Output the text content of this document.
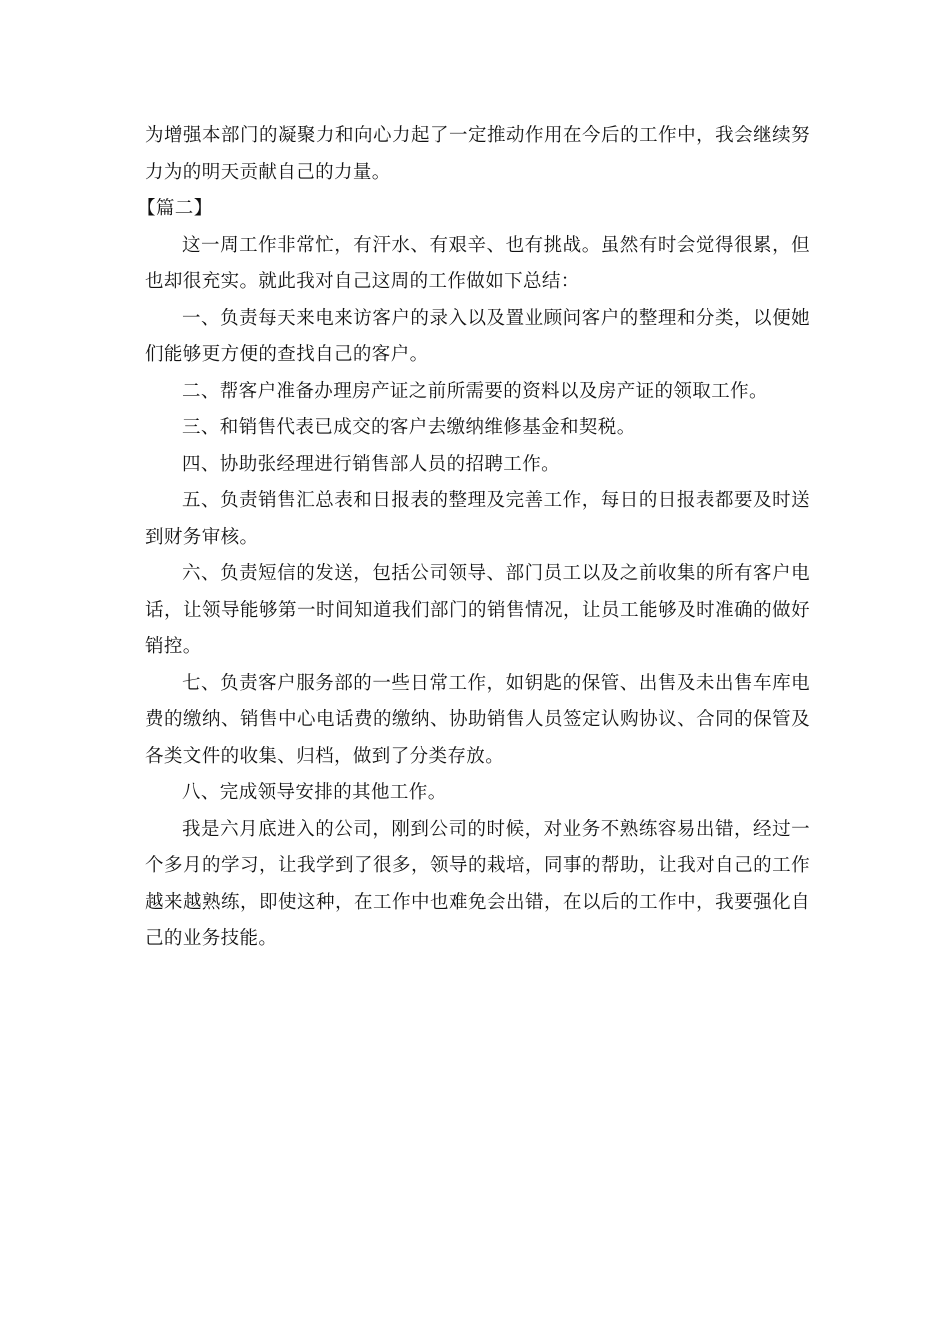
为增强本部门的凝聚力和向心力起了一定推动作用在今后的工作中，我会继续努力为的明天贡献自己的力量。

【篇二】

这一周工作非常忙，有汗水、有艰辛、也有挑战。虽然有时会觉得很累，但也却很充实。就此我对自己这周的工作做如下总结：

一、负责每天来电来访客户的录入以及置业顾问客户的整理和分类，以便她们能够更方便的查找自己的客户。

二、帮客户准备办理房产证之前所需要的资料以及房产证的领取工作。

三、和销售代表已成交的客户去缴纳维修基金和契税。

四、协助张经理进行销售部人员的招聘工作。

五、负责销售汇总表和日报表的整理及完善工作，每日的日报表都要及时送到财务审核。

六、负责短信的发送，包括公司领导、部门员工以及之前收集的所有客户电话，让领导能够第一时间知道我们部门的销售情况，让员工能够及时准确的做好销控。

七、负责客户服务部的一些日常工作，如钥匙的保管、出售及未出售车库电费的缴纳、销售中心电话费的缴纳、协助销售人员签定认购协议、合同的保管及各类文件的收集、归档，做到了分类存放。

八、完成领导安排的其他工作。

我是六月底进入的公司，刚到公司的时候，对业务不熟练容易出错，经过一个多月的学习，让我学到了很多，领导的栽培，同事的帮助，让我对自己的工作越来越熟练，即使这种，在工作中也难免会出错，在以后的工作中，我要强化自己的业务技能。
